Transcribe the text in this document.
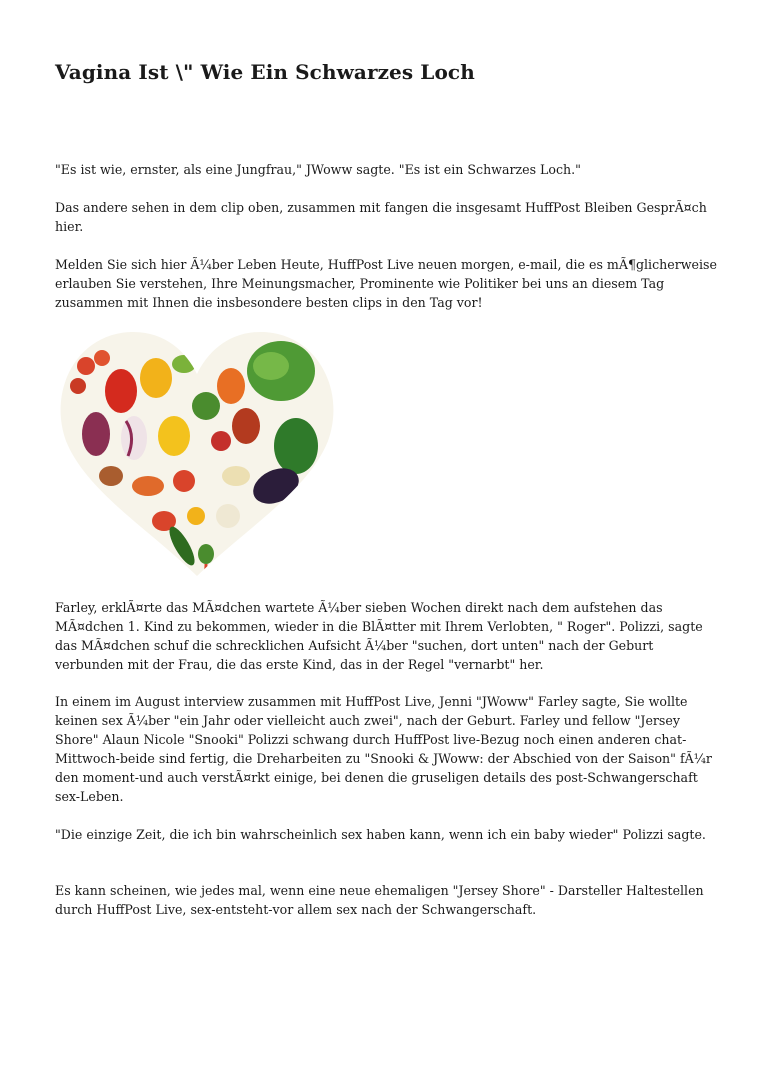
Vagina Ist \" Wie Ein Schwarzes Loch

"Es ist wie, ernster, als eine Jungfrau," JWoww sagte. "Es ist ein Schwarzes Loch."

Das andere sehen in dem clip oben, zusammen mit fangen die insgesamt HuffPost Bleiben GesprÃ¤ch hier.

Melden Sie sich hier Ã¼ber Leben Heute, HuffPost Live neuen morgen, e-mail, die es mÃ¶glicherweise erlauben Sie verstehen, Ihre Meinungsmacher, Prominente wie Politiker bei uns an diesem Tag zusammen mit Ihnen die insbesondere besten clips in den Tag vor!

Farley, erklÃ¤rte das MÃ¤dchen wartete Ã¼ber sieben Wochen direkt nach dem aufstehen das MÃ¤dchen 1. Kind zu bekommen, wieder in die BlÃ¤tter mit Ihrem Verlobten, " Roger". Polizzi, sagte das MÃ¤dchen schuf die schrecklichen Aufsicht Ã¼ber "suchen, dort unten" nach der Geburt verbunden mit der Frau, die das erste Kind, das in der Regel "vernarbt" her.

In einem im August interview zusammen mit HuffPost Live, Jenni "JWoww" Farley sagte, Sie wollte keinen sex Ã¼ber "ein Jahr oder vielleicht auch zwei", nach der Geburt. Farley und fellow "Jersey Shore" Alaun Nicole "Snooki" Polizzi schwang durch HuffPost live-Bezug noch einen anderen chat-Mittwoch-beide sind fertig, die Dreharbeiten zu "Snooki & JWoww: der Abschied von der Saison" fÃ¼r den moment-und auch verstÃ¤rkt einige, bei denen die gruseligen details des post-Schwangerschaft sex-Leben.

"Die einzige Zeit, die ich bin wahrscheinlich sex haben kann, wenn ich ein baby wieder" Polizzi sagte.

Es kann scheinen, wie jedes mal, wenn eine neue ehemaligen "Jersey Shore" - Darsteller Haltestellen durch HuffPost Live, sex-entsteht-vor allem sex nach der Schwangerschaft.
